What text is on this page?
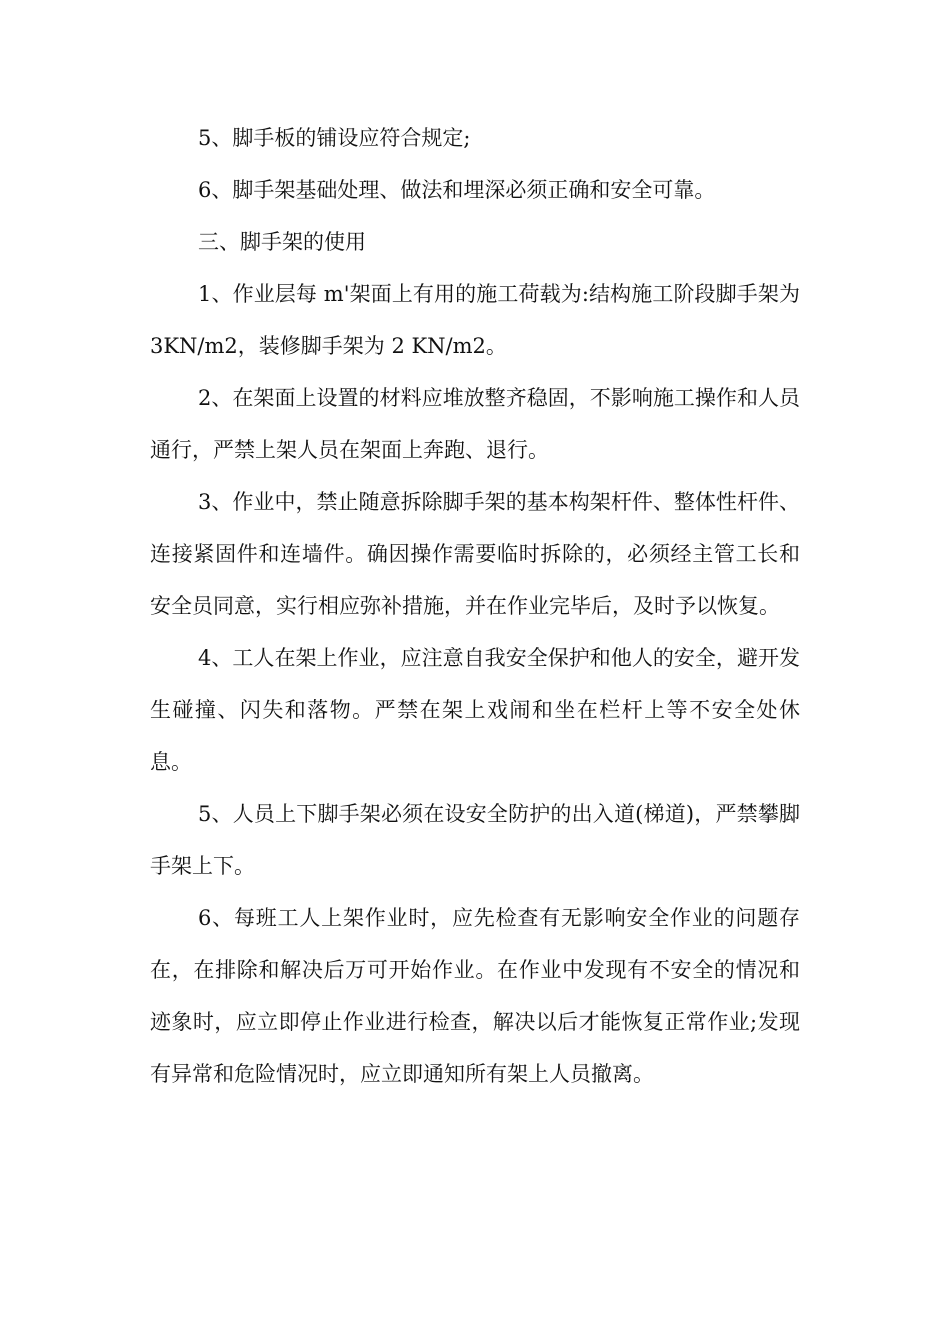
5、脚手板的铺设应符合规定;

6、脚手架基础处理、做法和埋深必须正确和安全可靠。

三、脚手架的使用

1、作业层每 m'架面上有用的施工荷载为:结构施工阶段脚手架为 3KN/m2，装修脚手架为 2 KN/m2。

2、在架面上设置的材料应堆放整齐稳固，不影响施工操作和人员通行，严禁上架人员在架面上奔跑、退行。

3、作业中，禁止随意拆除脚手架的基本构架杆件、整体性杆件、连接紧固件和连墙件。确因操作需要临时拆除的，必须经主管工长和安全员同意，实行相应弥补措施，并在作业完毕后，及时予以恢复。

4、工人在架上作业，应注意自我安全保护和他人的安全，避开发生碰撞、闪失和落物。严禁在架上戏闹和坐在栏杆上等不安全处休息。

5、人员上下脚手架必须在设安全防护的出入道(梯道)，严禁攀脚手架上下。

6、每班工人上架作业时，应先检查有无影响安全作业的问题存在，在排除和解决后万可开始作业。在作业中发现有不安全的情况和迹象时，应立即停止作业进行检查，解决以后才能恢复正常作业;发现有异常和危险情况时，应立即通知所有架上人员撤离。
